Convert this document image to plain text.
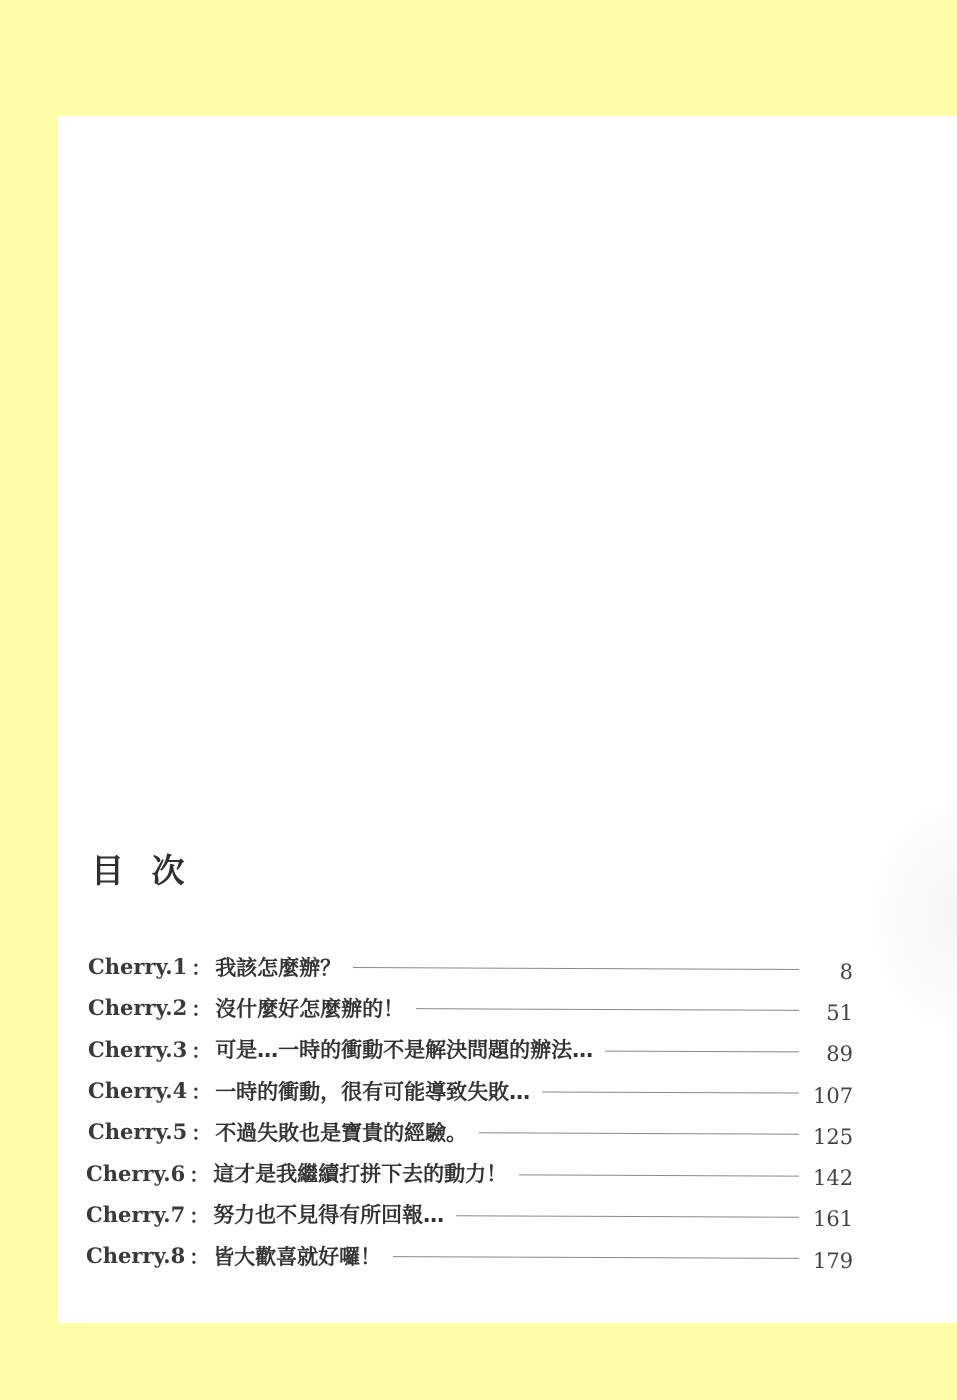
目 次
Cherry.1 ： 我該怎麼辦？	8
Cherry.2 ： 沒什麼好怎麼辦的！	51
Cherry.3 ： 可是…一時的衝動不是解決問題的辦法…	89
Cherry.4 ： 一時的衝動，很有可能導致失敗…	107
Cherry.5 ： 不過失敗也是寶貴的經驗。	125
Cherry.6 ： 這才是我繼續打拼下去的動力！	142
Cherry.7 ： 努力也不見得有所回報…	161
Cherry.8 ： 皆大歡喜就好囉！	179
